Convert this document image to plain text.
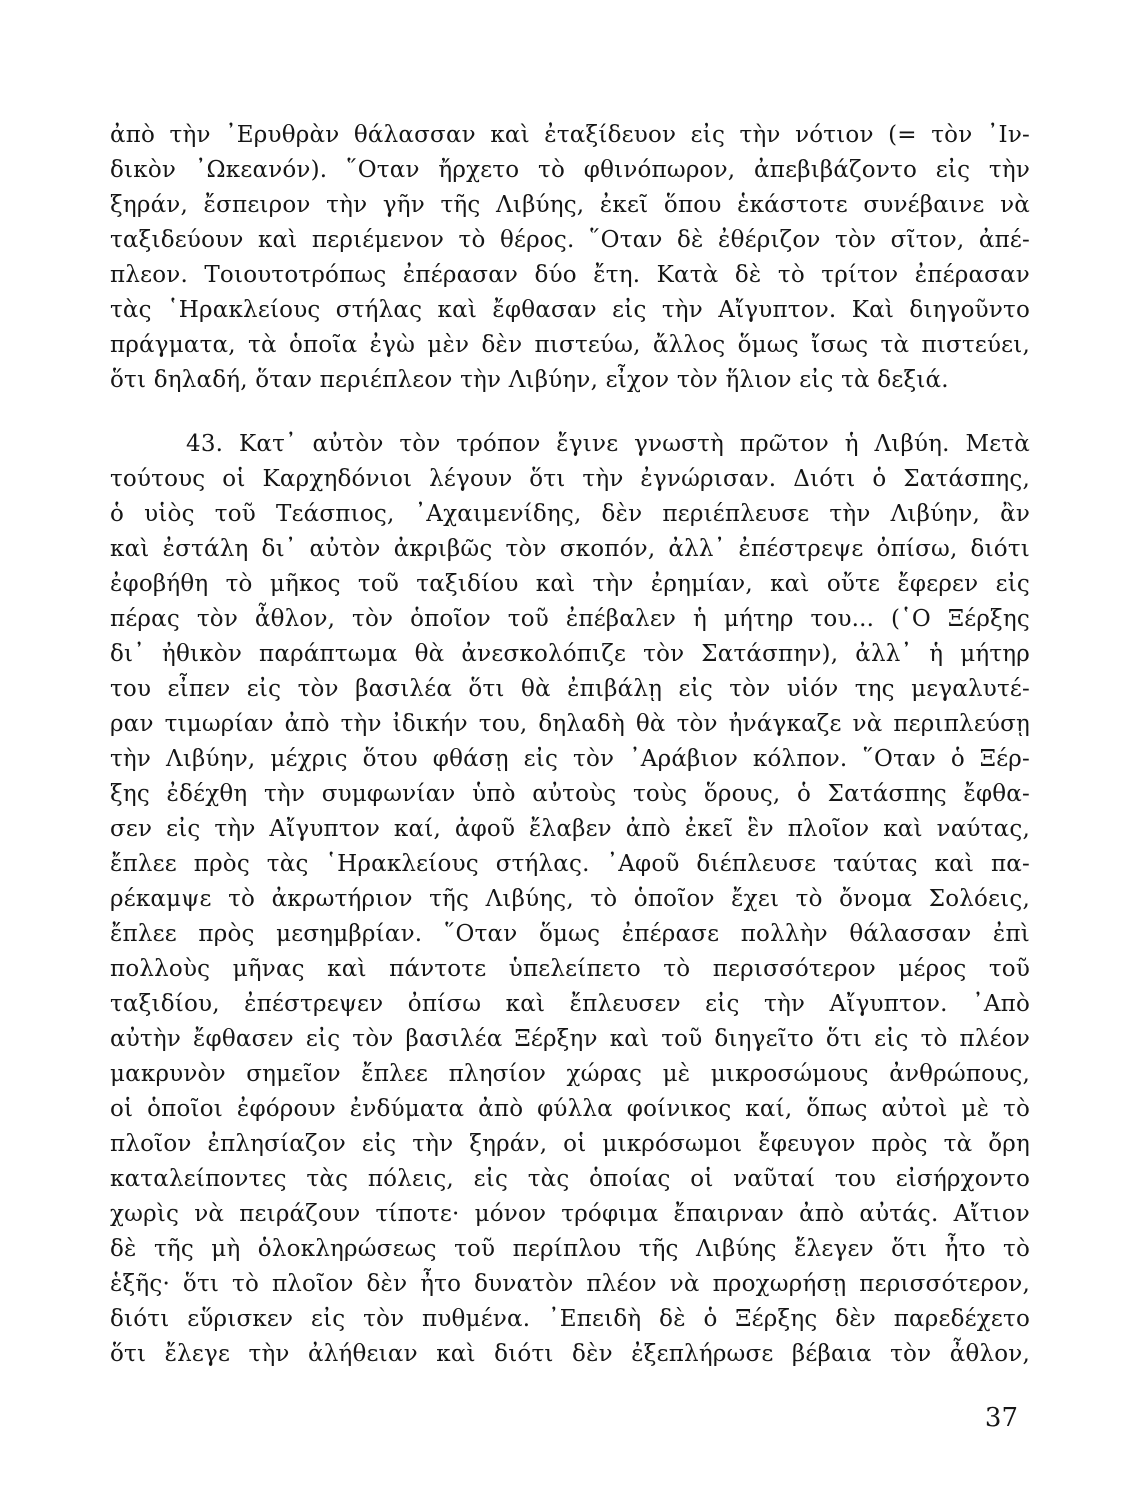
ἀπὸ τὴν ᾿Ερυθρὰν θάλασσαν καὶ ἐταξίδευον εἰς τὴν νότιον (= τὸν ᾿Ιν-
δικὸν ᾿Ωκεανόν). ῞Οταν ἤρχετο τὸ φθινόπωρον, ἀπεβιβάζοντο εἰς τὴν
ξηράν, ἔσπειρον τὴν γῆν τῆς Λιβύης, ἐκεῖ ὅπου ἑκάστοτε συνέβαινε νὰ
ταξιδεύουν καὶ περιέμενον τὸ θέρος. ῞Οταν δὲ ἐθέριζον τὸν σῖτον, ἀπέ-
πλεον. Τοιουτοτρόπως ἐπέρασαν δύο ἔτη. Κατὰ δὲ τὸ τρίτον ἐπέρασαν
τὰς ῾Ηρακλείους στήλας καὶ ἔφθασαν εἰς τὴν Αἴγυπτον. Καὶ διηγοῦντο
πράγματα, τὰ ὁποῖα ἐγὼ μὲν δὲν πιστεύω, ἄλλος ὅμως ἴσως τὰ πιστεύει,
ὅτι δηλαδή, ὅταν περιέπλεον τὴν Λιβύην, εἶχον τὸν ἥλιον εἰς τὰ δεξιά.
43. Κατ᾿ αὐτὸν τὸν τρόπον ἔγινε γνωστὴ πρῶτον ἡ Λιβύη. Μετὰ
τούτους οἱ Καρχηδόνιοι λέγουν ὅτι τὴν ἐγνώρισαν. Διότι ὁ Σατάσπης,
ὁ υἱὸς τοῦ Τεάσπιος, ᾿Αχαιμενίδης, δὲν περιέπλευσε τὴν Λιβύην, ἂν
καὶ ἐστάλη δι᾿ αὐτὸν ἀκριβῶς τὸν σκοπόν, ἀλλ᾿ ἐπέστρεψε ὀπίσω, διότι
ἐφοβήθη τὸ μῆκος τοῦ ταξιδίου καὶ τὴν ἐρημίαν, καὶ οὔτε ἔφερεν εἰς
πέρας τὸν ἆθλον, τὸν ὁποῖον τοῦ ἐπέβαλεν ἡ μήτηρ του... (῾Ο Ξέρξης
δι᾿ ἠθικὸν παράπτωμα θὰ ἀνεσκολόπιζε τὸν Σατάσπην), ἀλλ᾿ ἡ μήτηρ
του εἶπεν εἰς τὸν βασιλέα ὅτι θὰ ἐπιβάλῃ εἰς τὸν υἱόν της μεγαλυτέ-
ραν τιμωρίαν ἀπὸ τὴν ἰδικήν του, δηλαδὴ θὰ τὸν ἠνάγκαζε νὰ περιπλεύσῃ
τὴν Λιβύην, μέχρις ὅτου φθάσῃ εἰς τὸν ᾿Αράβιον κόλπον. ῞Οταν ὁ Ξέρ-
ξης ἐδέχθη τὴν συμφωνίαν ὑπὸ αὐτοὺς τοὺς ὅρους, ὁ Σατάσπης ἔφθα-
σεν εἰς τὴν Αἴγυπτον καί, ἀφοῦ ἔλαβεν ἀπὸ ἐκεῖ ἓν πλοῖον καὶ ναύτας,
ἔπλεε πρὸς τὰς ῾Ηρακλείους στήλας. ᾿Αφοῦ διέπλευσε ταύτας καὶ πα-
ρέκαμψε τὸ ἀκρωτήριον τῆς Λιβύης, τὸ ὁποῖον ἔχει τὸ ὄνομα Σολόεις,
ἔπλεε πρὸς μεσημβρίαν. ῞Οταν ὅμως ἐπέρασε πολλὴν θάλασσαν ἐπὶ
πολλοὺς μῆνας καὶ πάντοτε ὑπελείπετο τὸ περισσότερον μέρος τοῦ
ταξιδίου, ἐπέστρεψεν ὀπίσω καὶ ἔπλευσεν εἰς τὴν Αἴγυπτον. ᾿Απὸ
αὐτὴν ἔφθασεν εἰς τὸν βασιλέα Ξέρξην καὶ τοῦ διηγεῖτο ὅτι εἰς τὸ πλέον
μακρυνὸν σημεῖον ἔπλεε πλησίον χώρας μὲ μικροσώμους ἀνθρώπους,
οἱ ὁποῖοι ἐφόρουν ἐνδύματα ἀπὸ φύλλα φοίνικος καί, ὅπως αὐτοὶ μὲ τὸ
πλοῖον ἐπλησίαζον εἰς τὴν ξηράν, οἱ μικρόσωμοι ἔφευγον πρὸς τὰ ὄρη
καταλείποντες τὰς πόλεις, εἰς τὰς ὁποίας οἱ ναῦταί του εἰσήρχοντο
χωρὶς νὰ πειράζουν τίποτε· μόνον τρόφιμα ἔπαιρναν ἀπὸ αὐτάς. Αἴτιον
δὲ τῆς μὴ ὁλοκληρώσεως τοῦ περίπλου τῆς Λιβύης ἔλεγεν ὅτι ἦτο τὸ
ἑξῆς· ὅτι τὸ πλοῖον δὲν ἦτο δυνατὸν πλέον νὰ προχωρήσῃ περισσότερον,
διότι εὕρισκεν εἰς τὸν πυθμένα. ᾿Επειδὴ δὲ ὁ Ξέρξης δὲν παρεδέχετο
ὅτι ἔλεγε τὴν ἀλήθειαν καὶ διότι δὲν ἐξεπλήρωσε βέβαια τὸν ἆθλον,
37
